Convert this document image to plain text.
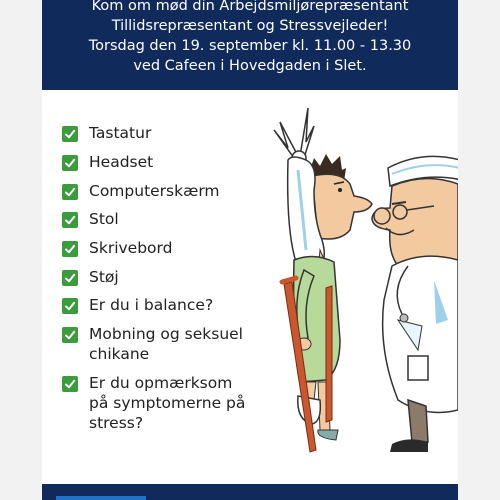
Kom om mød din Arbejdsmiljørepræsentant
Tillidsrepræsentant og Stressvejleder!
Torsdag den 19. september kl. 11.00 - 13.30
ved Cafeen i Hovedgaden i Slet.
Tastatur
Headset
Computerskærm
Stol
Skrivebord
Støj
Er du i balance?
Mobning og seksuel
chikane
Er du opmærksom
på symptomerne på
stress?
